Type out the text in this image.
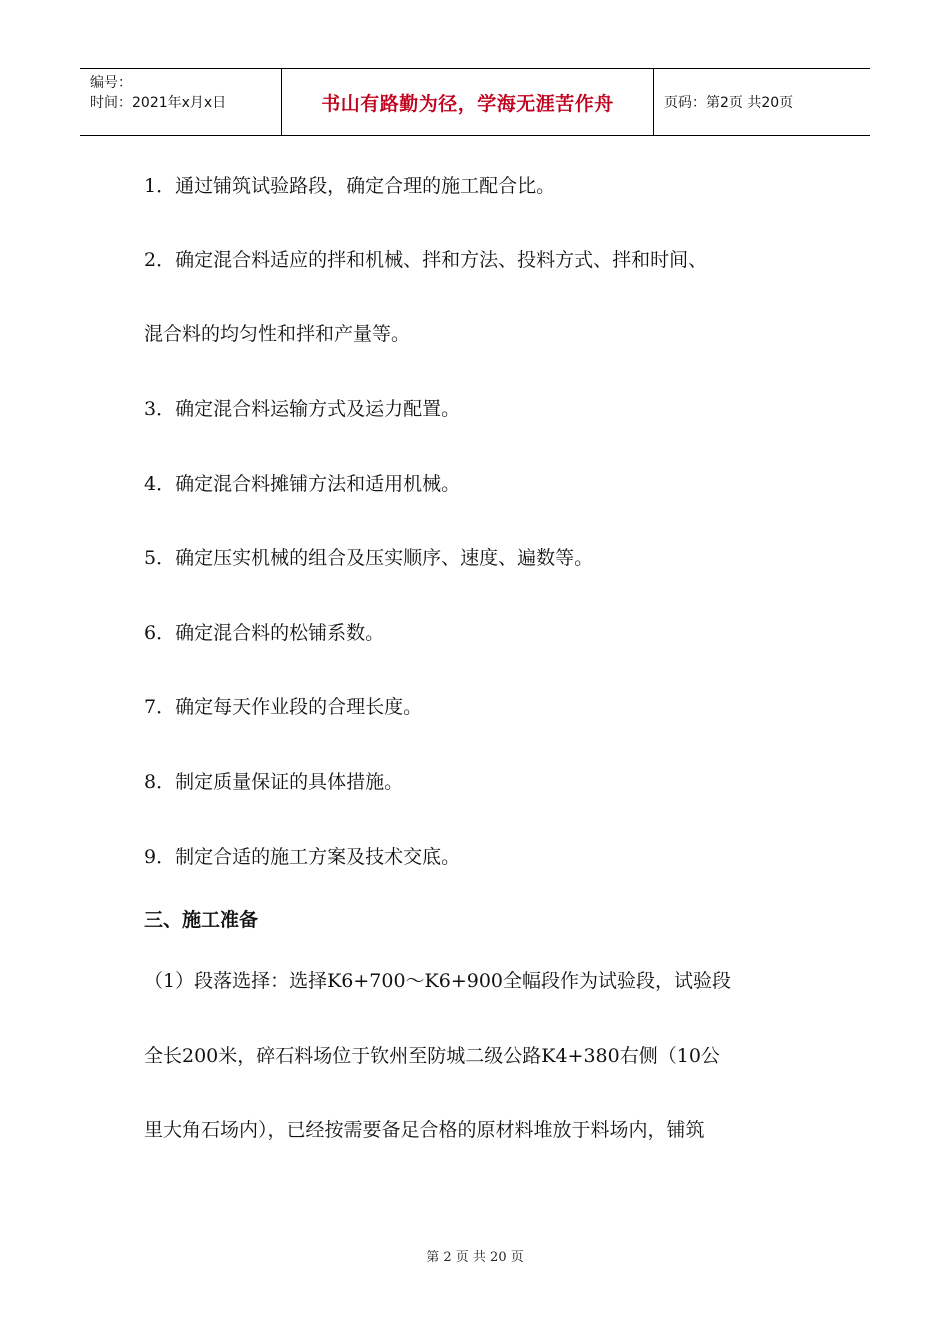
编号：
时间：2021年x月x日	书山有路勤为径，学海无涯苦作舟	页码：第2页 共20页
1．通过铺筑试验路段，确定合理的施工配合比。
2．确定混合料适应的拌和机械、拌和方法、投料方式、拌和时间、
混合料的均匀性和拌和产量等。
3．确定混合料运输方式及运力配置。
4．确定混合料摊铺方法和适用机械。
5．确定压实机械的组合及压实顺序、速度、遍数等。
6．确定混合料的松铺系数。
7．确定每天作业段的合理长度。
8．制定质量保证的具体措施。
9．制定合适的施工方案及技术交底。
三、施工准备
（1）段落选择：选择K6+700～K6+900全幅段作为试验段，试验段
全长200米，碎石料场位于钦州至防城二级公路K4+380右侧（10公
里大角石场内），已经按需要备足合格的原材料堆放于料场内，铺筑
第 2 页 共 20 页
